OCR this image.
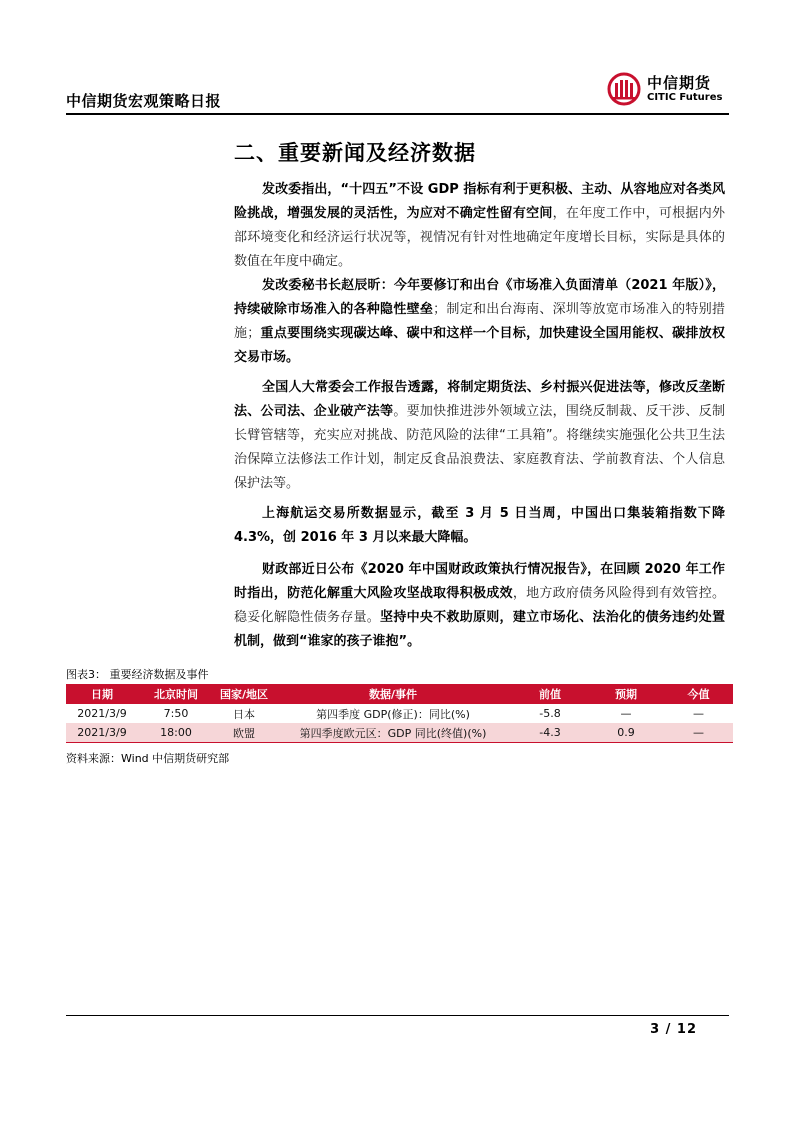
中信期货宏观策略日报
中信期货
CITIC Futures
二、重要新闻及经济数据

发改委指出，“十四五”不设 GDP 指标有利于更积极、主动、从容地应对各类风险挑战，增强发展的灵活性，为应对不确定性留有空间，在年度工作中，可根据内外部环境变化和经济运行状况等，视情况有针对性地确定年度增长目标，实际是具体的数值在年度中确定。

发改委秘书长赵辰昕：今年要修订和出台《市场准入负面清单（2021 年版）》，持续破除市场准入的各种隐性壁垒；制定和出台海南、深圳等放宽市场准入的特别措施；重点要围绕实现碳达峰、碳中和这样一个目标，加快建设全国用能权、碳排放权交易市场。

全国人大常委会工作报告透露，将制定期货法、乡村振兴促进法等，修改反垄断法、公司法、企业破产法等。要加快推进涉外领域立法，围绕反制裁、反干涉、反制长臂管辖等，充实应对挑战、防范风险的法律“工具箱”。将继续实施强化公共卫生法治保障立法修法工作计划，制定反食品浪费法、家庭教育法、学前教育法、个人信息保护法等。

上海航运交易所数据显示，截至 3 月 5 日当周，中国出口集装箱指数下降 4.3%，创 2016 年 3 月以来最大降幅。

财政部近日公布《2020 年中国财政政策执行情况报告》，在回顾 2020 年工作时指出，防范化解重大风险攻坚战取得积极成效，地方政府债务风险得到有效管控。稳妥化解隐性债务存量。坚持中央不救助原则，建立市场化、法治化的债务违约处置机制，做到“谁家的孩子谁抱”。

图表3： 重要经济数据及事件
日期	北京时间	国家/地区	数据/事件	前值	预期	今值
2021/3/9	7:50	日本	第四季度 GDP(修正)：同比(%)	-5.8	—	—
2021/3/9	18:00	欧盟	第四季度欧元区：GDP 同比(终值)(%)	-4.3	0.9	—
资料来源：Wind 中信期货研究部
3 / 12
